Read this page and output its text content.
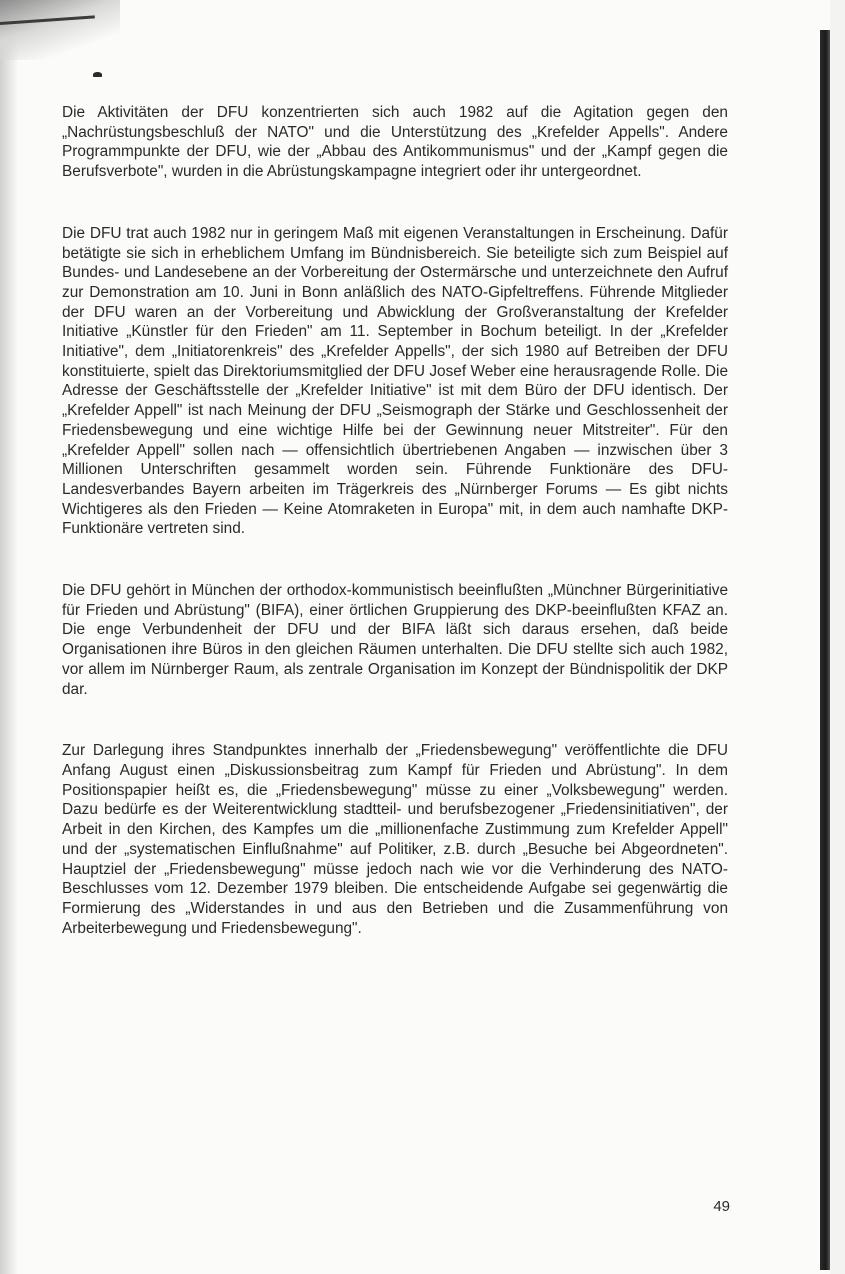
Die Aktivitäten der DFU konzentrierten sich auch 1982 auf die Agitation gegen den „Nachrüstungsbeschluß der NATO" und die Unterstützung des „Krefelder Appells". Andere Programmpunkte der DFU, wie der „Abbau des Antikommunismus" und der „Kampf gegen die Berufsverbote", wurden in die Abrüstungskampagne integriert oder ihr untergeordnet.

Die DFU trat auch 1982 nur in geringem Maß mit eigenen Veranstaltungen in Erscheinung. Dafür betätigte sie sich in erheblichem Umfang im Bündnisbereich. Sie beteiligte sich zum Beispiel auf Bundes- und Landesebene an der Vorbereitung der Ostermärsche und unterzeichnete den Aufruf zur Demonstration am 10. Juni in Bonn anläßlich des NATO-Gipfeltreffens. Führende Mitglieder der DFU waren an der Vorbereitung und Abwicklung der Großveranstaltung der Krefelder Initiative „Künstler für den Frieden" am 11. September in Bochum beteiligt. In der „Krefelder Initiative", dem „Initiatorenkreis" des „Krefelder Appells", der sich 1980 auf Betreiben der DFU konstituierte, spielt das Direktoriumsmitglied der DFU Josef Weber eine herausragende Rolle. Die Adresse der Geschäftsstelle der „Krefelder Initiative" ist mit dem Büro der DFU identisch. Der „Krefelder Appell" ist nach Meinung der DFU „Seismograph der Stärke und Geschlossenheit der Friedensbewegung und eine wichtige Hilfe bei der Gewinnung neuer Mitstreiter". Für den „Krefelder Appell" sollen nach — offensichtlich übertriebenen Angaben — inzwischen über 3 Millionen Unterschriften gesammelt worden sein. Führende Funktionäre des DFU-Landesverbandes Bayern arbeiten im Trägerkreis des „Nürnberger Forums — Es gibt nichts Wichtigeres als den Frieden — Keine Atomraketen in Europa" mit, in dem auch namhafte DKP-Funktionäre vertreten sind.

Die DFU gehört in München der orthodox-kommunistisch beeinflußten „Münchner Bürgerinitiative für Frieden und Abrüstung" (BIFA), einer örtlichen Gruppierung des DKP-beeinflußten KFAZ an. Die enge Verbundenheit der DFU und der BIFA läßt sich daraus ersehen, daß beide Organisationen ihre Büros in den gleichen Räumen unterhalten. Die DFU stellte sich auch 1982, vor allem im Nürnberger Raum, als zentrale Organisation im Konzept der Bündnispolitik der DKP dar.

Zur Darlegung ihres Standpunktes innerhalb der „Friedensbewegung" veröffentlichte die DFU Anfang August einen „Diskussionsbeitrag zum Kampf für Frieden und Abrüstung". In dem Positionspapier heißt es, die „Friedensbewegung" müsse zu einer „Volksbewegung" werden. Dazu bedürfe es der Weiterentwicklung stadtteil- und berufsbezogener „Friedensinitiativen", der Arbeit in den Kirchen, des Kampfes um die „millionenfache Zustimmung zum Krefelder Appell" und der „systematischen Einflußnahme" auf Politiker, z.B. durch „Besuche bei Abgeordneten". Hauptziel der „Friedensbewegung" müsse jedoch nach wie vor die Verhinderung des NATO-Beschlusses vom 12. Dezember 1979 bleiben. Die entscheidende Aufgabe sei gegenwärtig die Formierung des „Widerstandes in und aus den Betrieben und die Zusammenführung von Arbeiterbewegung und Friedensbewegung".

49
